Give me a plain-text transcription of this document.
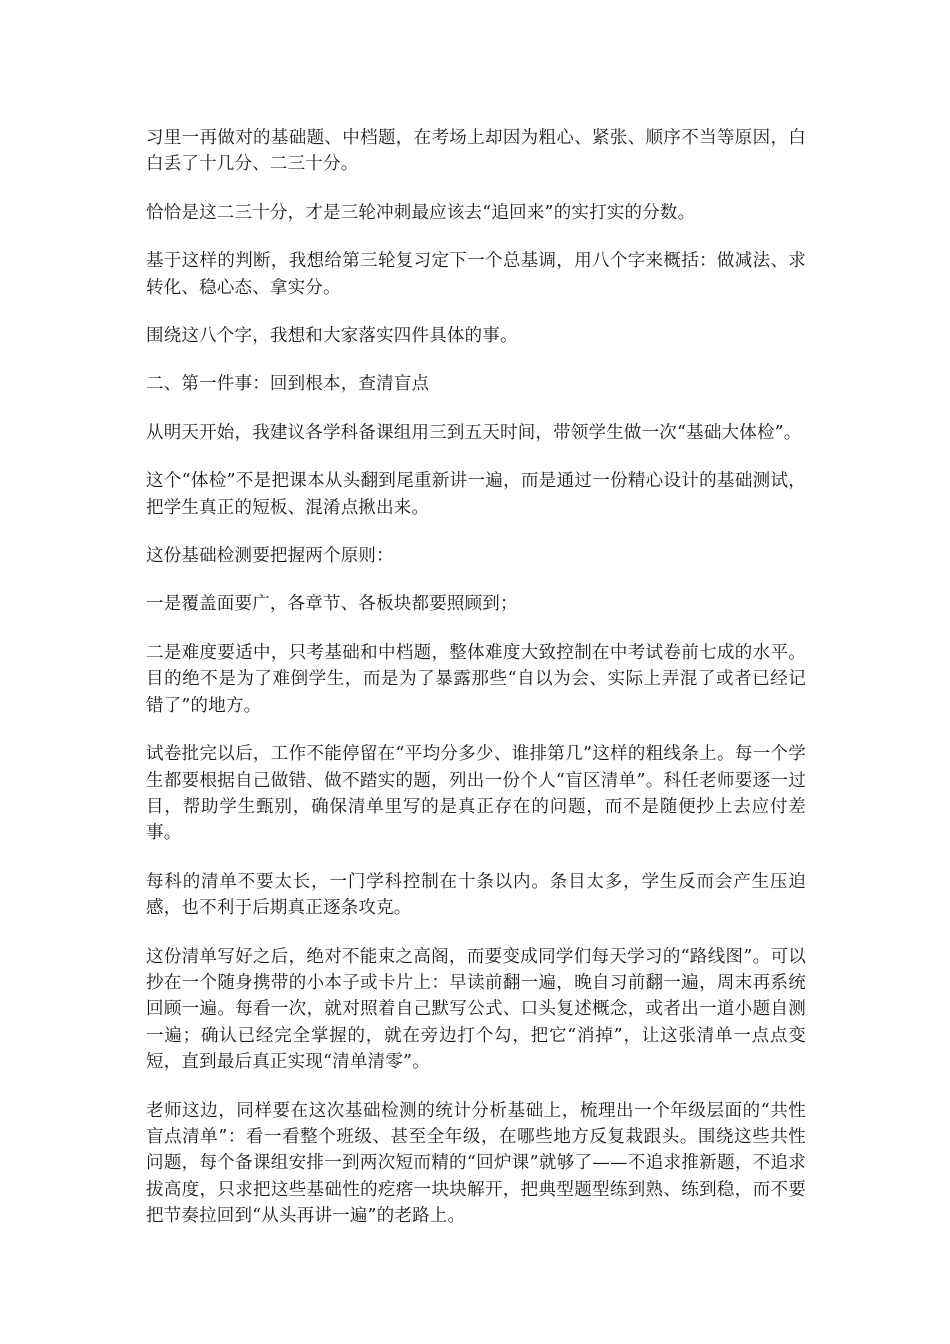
习里一再做对的基础题、中档题，在考场上却因为粗心、紧张、顺序不当等原因，白白丢了十几分、二三十分。

恰恰是这二三十分，才是三轮冲刺最应该去“追回来”的实打实的分数。

基于这样的判断，我想给第三轮复习定下一个总基调，用八个字来概括：做减法、求转化、稳心态、拿实分。

围绕这八个字，我想和大家落实四件具体的事。

二、第一件事：回到根本，查清盲点

从明天开始，我建议各学科备课组用三到五天时间，带领学生做一次“基础大体检”。

这个“体检”不是把课本从头翻到尾重新讲一遍，而是通过一份精心设计的基础测试，把学生真正的短板、混淆点揪出来。

这份基础检测要把握两个原则：

一是覆盖面要广，各章节、各板块都要照顾到；

二是难度要适中，只考基础和中档题，整体难度大致控制在中考试卷前七成的水平。目的绝不是为了难倒学生，而是为了暴露那些“自以为会、实际上弄混了或者已经记错了”的地方。

试卷批完以后，工作不能停留在“平均分多少、谁排第几”这样的粗线条上。每一个学生都要根据自己做错、做不踏实的题，列出一份个人“盲区清单”。科任老师要逐一过目，帮助学生甄别，确保清单里写的是真正存在的问题，而不是随便抄上去应付差事。

每科的清单不要太长，一门学科控制在十条以内。条目太多，学生反而会产生压迫感，也不利于后期真正逐条攻克。

这份清单写好之后，绝对不能束之高阁，而要变成同学们每天学习的“路线图”。可以抄在一个随身携带的小本子或卡片上：早读前翻一遍，晚自习前翻一遍，周末再系统回顾一遍。每看一次，就对照着自己默写公式、口头复述概念，或者出一道小题自测一遍；确认已经完全掌握的，就在旁边打个勾，把它“消掉”，让这张清单一点点变短，直到最后真正实现“清单清零”。

老师这边，同样要在这次基础检测的统计分析基础上，梳理出一个年级层面的“共性盲点清单”：看一看整个班级、甚至全年级，在哪些地方反复栽跟头。围绕这些共性问题，每个备课组安排一到两次短而精的“回炉课”就够了——不追求推新题，不追求拔高度，只求把这些基础性的疙瘩一块块解开，把典型题型练到熟、练到稳，而不要把节奏拉回到“从头再讲一遍”的老路上。
